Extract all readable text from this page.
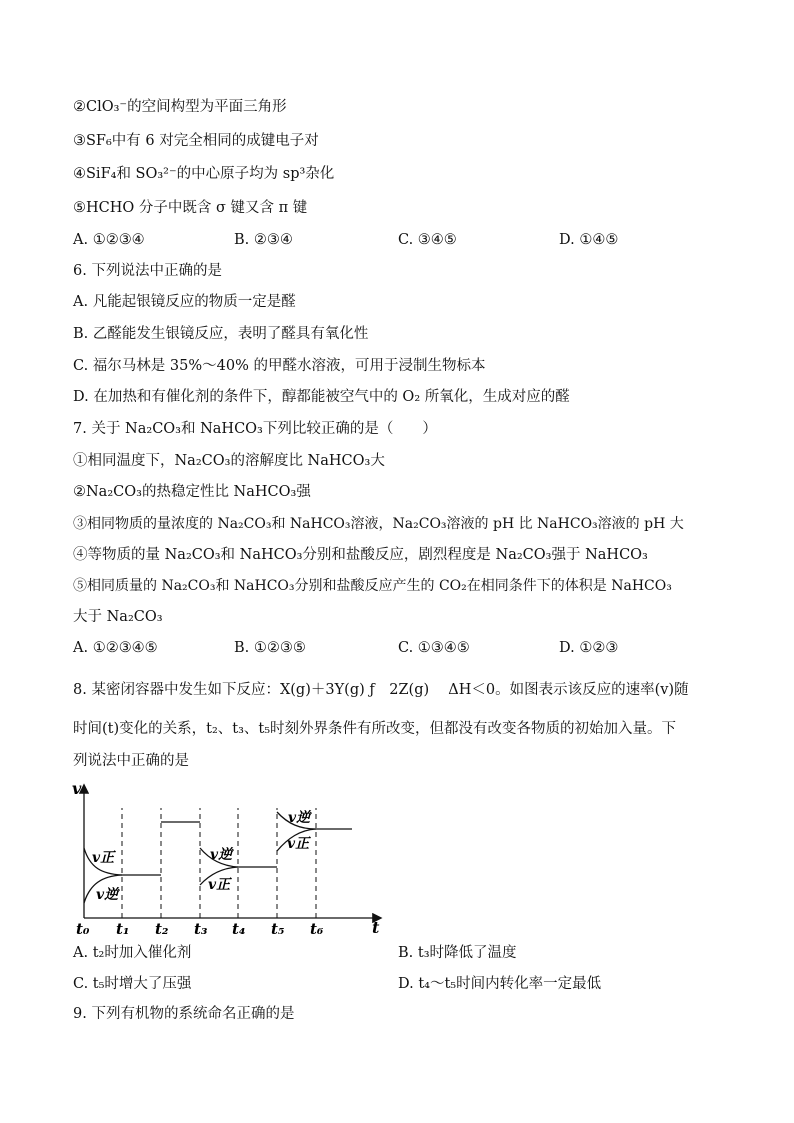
②ClO₃⁻的空间构型为平面三角形
③SF₆中有 6 对完全相同的成键电子对
④SiF₄和 SO₃²⁻的中心原子均为 sp³杂化
⑤HCHO 分子中既含 σ 键又含 π 键
A. ①②③④	B. ②③④	C. ③④⑤	D. ①④⑤
6. 下列说法中正确的是
A. 凡能起银镜反应的物质一定是醛
B. 乙醛能发生银镜反应，表明了醛具有氧化性
C. 福尔马林是 35%～40% 的甲醛水溶液，可用于浸制生物标本
D. 在加热和有催化剂的条件下，醇都能被空气中的 O₂ 所氧化，生成对应的醛
7. 关于 Na₂CO₃和 NaHCO₃下列比较正确的是（　　）
①相同温度下，Na₂CO₃的溶解度比 NaHCO₃大
②Na₂CO₃的热稳定性比 NaHCO₃强
③相同物质的量浓度的 Na₂CO₃和 NaHCO₃溶液，Na₂CO₃溶液的 pH 比 NaHCO₃溶液的 pH 大
④等物质的量 Na₂CO₃和 NaHCO₃分别和盐酸反应，剧烈程度是 Na₂CO₃强于 NaHCO₃
⑤相同质量的 Na₂CO₃和 NaHCO₃分别和盐酸反应产生的 CO₂在相同条件下的体积是 NaHCO₃
大于 Na₂CO₃
A. ①②③④⑤	B. ①②③⑤	C. ①③④⑤	D. ①②③
8. 某密闭容器中发生如下反应：X(g)＋3Y(g) ƒ　2Z(g)　 ΔH＜0。如图表示该反应的速率(v)随
时间(t)变化的关系，t₂、t₃、t₅时刻外界条件有所改变，但都没有改变各物质的初始加入量。下
列说法中正确的是
v
t
v正
v逆
v逆
v正
v逆
v正
t₀ t₁ t₂ t₃ t₄ t₅ t₆
A. t₂时加入催化剂	B. t₃时降低了温度
C. t₅时增大了压强	D. t₄～t₅时间内转化率一定最低
9. 下列有机物的系统命名正确的是
